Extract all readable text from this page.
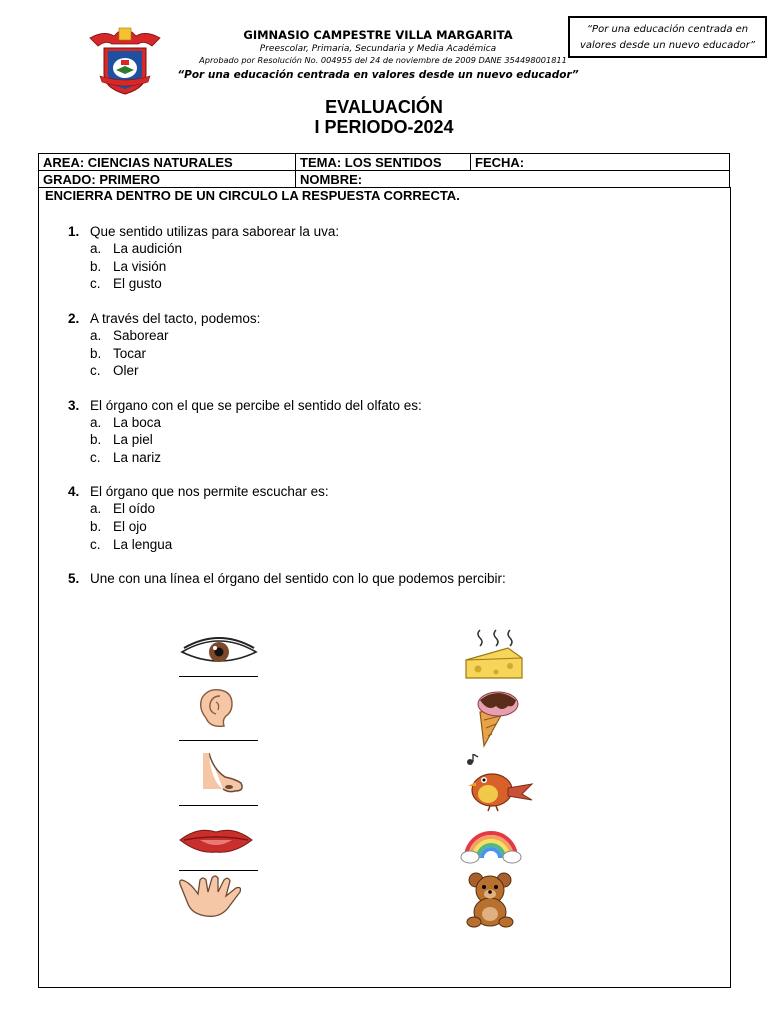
GIMNASIO CAMPESTRE VILLA MARGARITA
Preescolar, Primaria, Secundaria y Media Académica
Aprobado por Resolución No. 004955 del 24 de noviembre de 2009 DANE 354498001811
“Por una educación centrada en valores desde un nuevo educador”
“Por una educación centrada en
valores desde un nuevo educador”
EVALUACIÓN
I PERIODO-2024
AREA: CIENCIAS NATURALES	TEMA: LOS SENTIDOS	FECHA:
GRADO: PRIMERO	NOMBRE:	
ENCIERRA DENTRO DE UN CIRCULO LA RESPUESTA CORRECTA.
1. Que sentido utilizas para saborear la uva:
a. La audición
b. La visión
c. El gusto
2. A través del tacto, podemos:
a. Saborear
b. Tocar
c. Oler
3. El órgano con el que se percibe el sentido del olfato es:
a. La boca
b. La piel
c. La nariz
4. El órgano que nos permite escuchar es:
a. El oído
b. El ojo
c. La lengua
5. Une con una línea el órgano del sentido con lo que podemos percibir:
